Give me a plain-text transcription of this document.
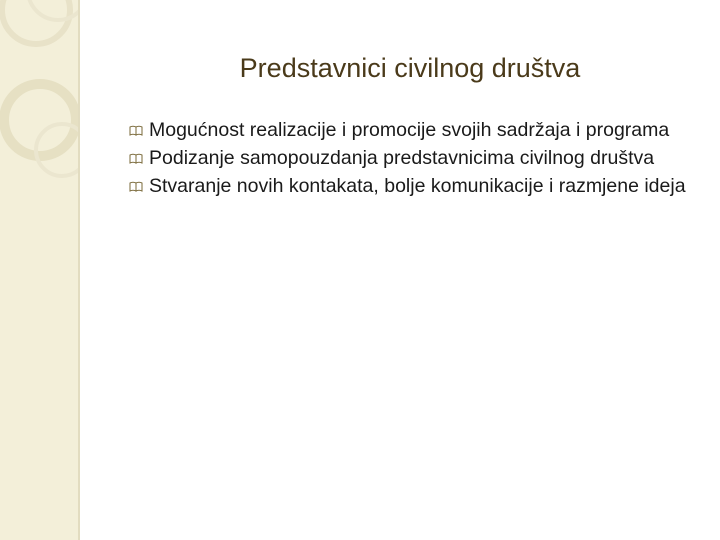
Predstavnici civilnog društva
Mogućnost realizacije i promocije svojih sadržaja i programa
Podizanje samopouzdanja predstavnicima civilnog društva
Stvaranje novih kontakata, bolje komunikacije i razmjene ideja
